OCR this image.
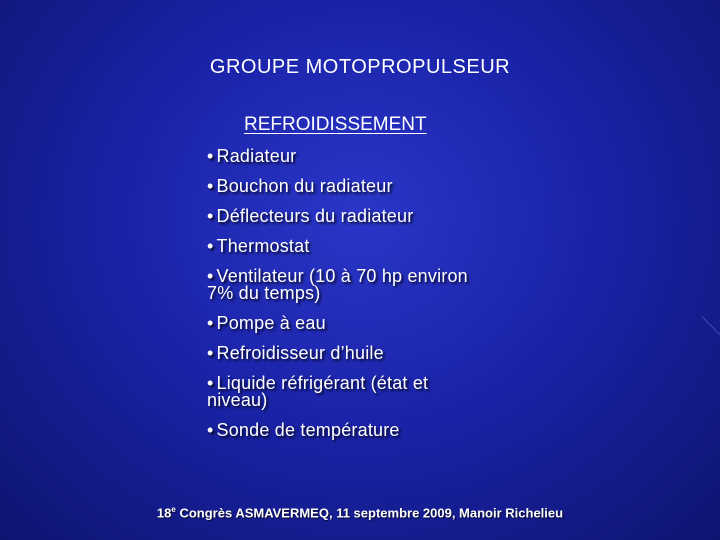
GROUPE MOTOPROPULSEUR
REFROIDISSEMENT
• Radiateur
• Bouchon du radiateur
• Déflecteurs du radiateur
• Thermostat
• Ventilateur (10 à 70 hp environ
7% du temps)
• Pompe à eau
• Refroidisseur d’huile
• Liquide réfrigérant (état et
niveau)
• Sonde de température
18e Congrès ASMAVERMEQ, 11 septembre 2009, Manoir Richelieu
